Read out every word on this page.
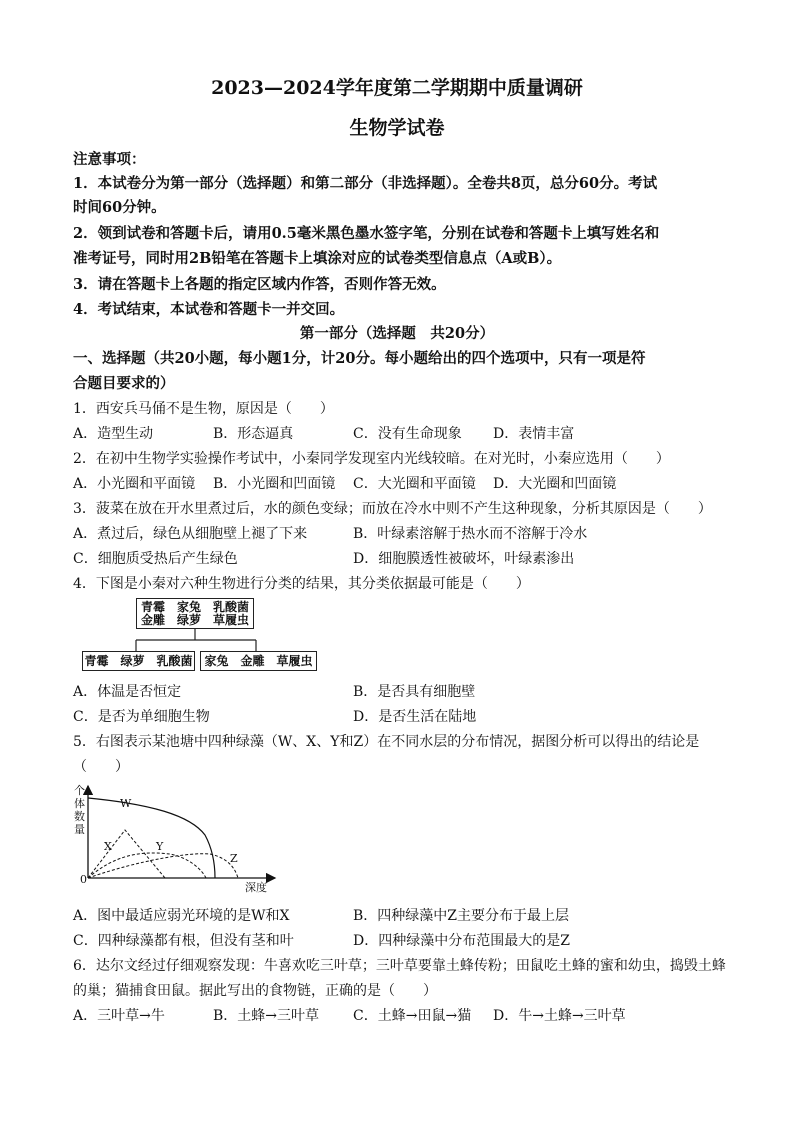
2023—2024学年度第二学期期中质量调研
生物学试卷
注意事项：
1．本试卷分为第一部分（选择题）和第二部分（非选择题）。全卷共8页，总分60分。考试
时间60分钟。
2．领到试卷和答题卡后，请用0.5毫米黑色墨水签字笔，分别在试卷和答题卡上填写姓名和
准考证号，同时用2B铅笔在答题卡上填涂对应的试卷类型信息点（A或B）。
3．请在答题卡上各题的指定区域内作答，否则作答无效。
4．考试结束，本试卷和答题卡一并交回。
第一部分（选择题　共20分）
一、选择题（共20小题，每小题1分，计20分。每小题给出的四个选项中，只有一项是符
合题目要求的）
1．西安兵马俑不是生物，原因是（　　）
A．造型生动	B．形态逼真	C．没有生命现象 D．表情丰富
2．在初中生物学实验操作考试中，小秦同学发现室内光线较暗。在对光时，小秦应选用（　　）
A．小光圈和平面镜 B．小光圈和凹面镜 C．大光圈和平面镜 D．大光圈和凹面镜
3．菠菜在放在开水里煮过后，水的颜色变绿；而放在冷水中则不产生这种现象，分析其原因是（　　）
A．煮过后，绿色从细胞壁上褪了下来	B．叶绿素溶解于热水而不溶解于冷水
C．细胞质受热后产生绿色	D．细胞膜透性被破坏，叶绿素渗出
4．下图是小秦对六种生物进行分类的结果，其分类依据最可能是（　　）
青霉　家兔　乳酸菌
金雕　绿萝　草履虫
青霉　绿萝　乳酸菌 家兔　金雕　草履虫
A．体温是否恒定	B．是否具有细胞壁
C．是否为单细胞生物	D．是否生活在陆地
5．右图表示某池塘中四种绿藻（W、X、Y和Z）在不同水层的分布情况，据图分析可以得出的结论是
（　　）
个
体
数
量
0
深度
W
X	Y
Z
A．图中最适应弱光环境的是W和X	B．四种绿藻中Z主要分布于最上层
C．四种绿藻都有根，但没有茎和叶	D．四种绿藻中分布范围最大的是Z
6．达尔文经过仔细观察发现：牛喜欢吃三叶草；三叶草要靠土蜂传粉；田鼠吃土蜂的蜜和幼虫，捣毁土蜂
的巢；猫捕食田鼠。据此写出的食物链，正确的是（　　）
A．三叶草→牛	B．土蜂→三叶草 C．土蜂→田鼠→猫 D．牛→土蜂→三叶草
